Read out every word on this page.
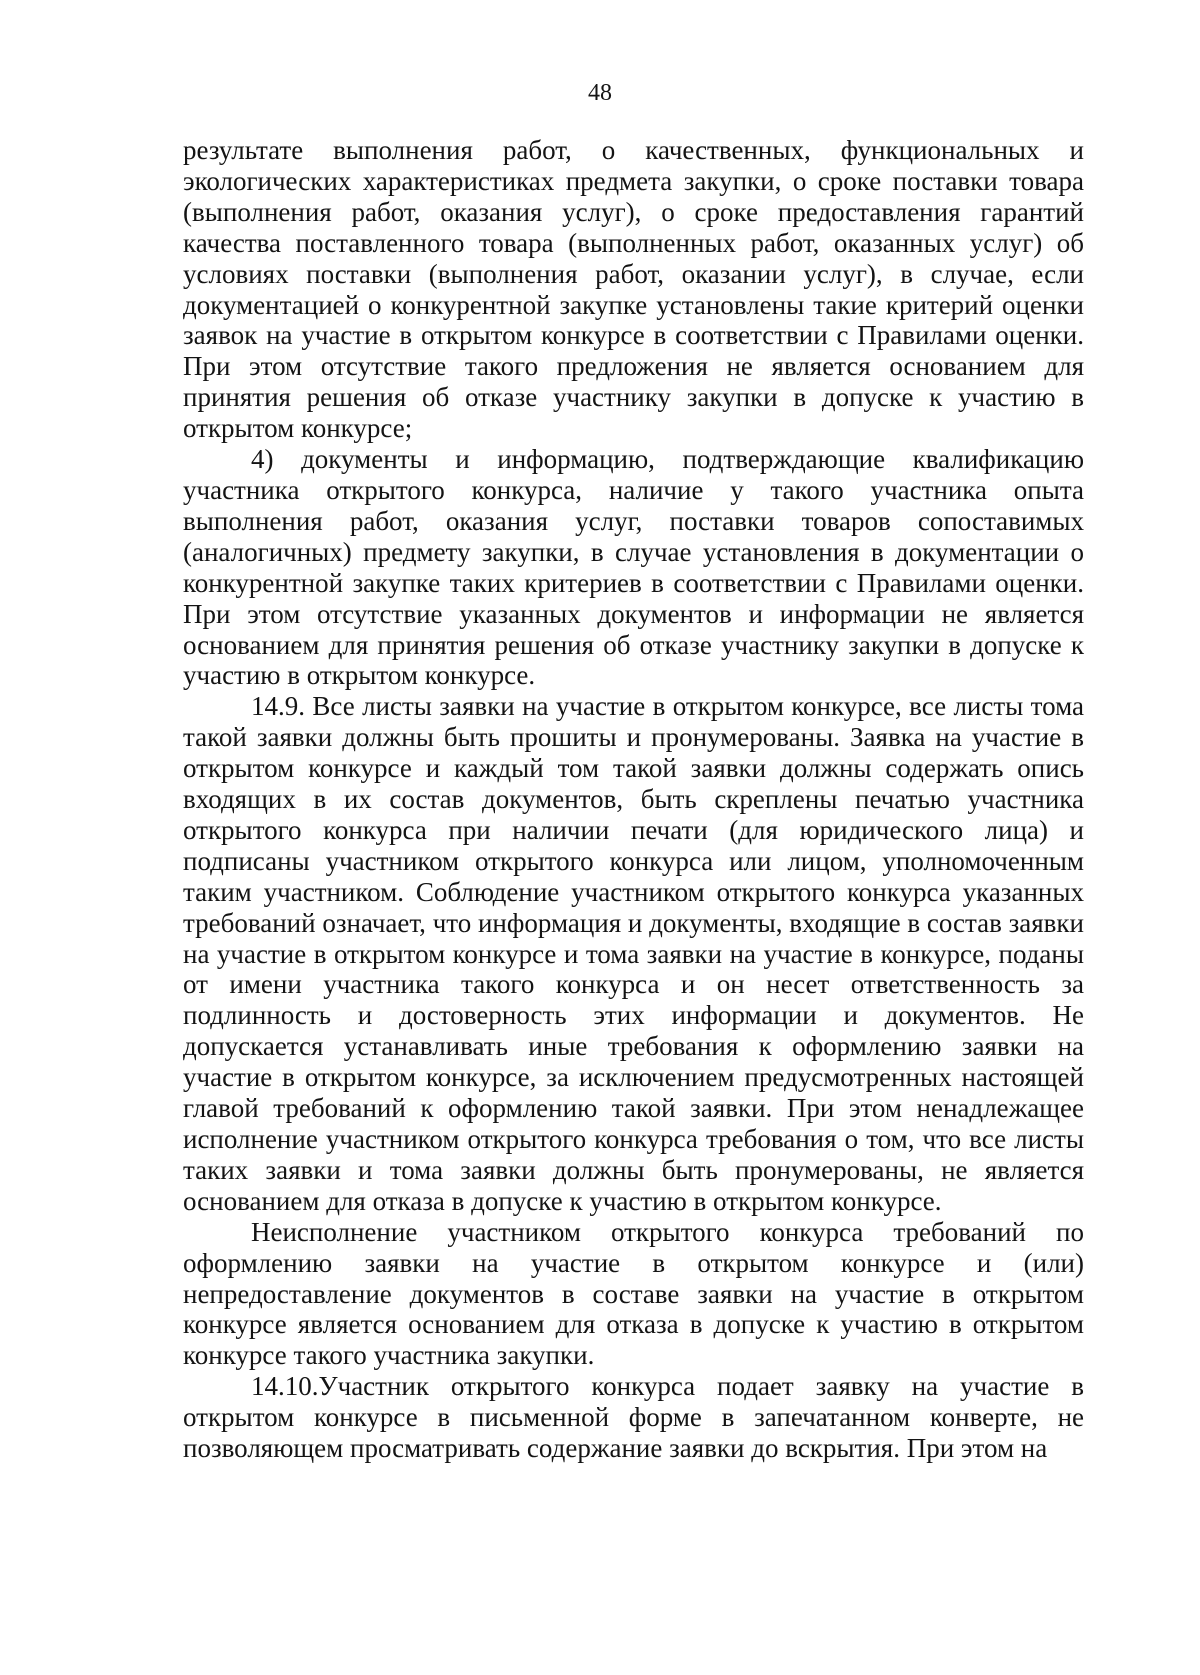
48

результате выполнения работ, о качественных, функциональных и экологических характеристиках предмета закупки, о сроке поставки товара (выполнения работ, оказания услуг), о сроке предоставления гарантий качества поставленного товара (выполненных работ, оказанных услуг) об условиях поставки (выполнения работ, оказании услуг), в случае, если документацией о конкурентной закупке установлены такие критерий оценки заявок на участие в открытом конкурсе в соответствии с Правилами оценки. При этом отсутствие такого предложения не является основанием для принятия решения об отказе участнику закупки в допуске к участию в открытом конкурсе;

4) документы и информацию, подтверждающие квалификацию участника открытого конкурса, наличие у такого участника опыта выполнения работ, оказания услуг, поставки товаров сопоставимых (аналогичных) предмету закупки, в случае установления в документации о конкурентной закупке таких критериев в соответствии с Правилами оценки. При этом отсутствие указанных документов и информации не является основанием для принятия решения об отказе участнику закупки в допуске к участию в открытом конкурсе.

14.9. Все листы заявки на участие в открытом конкурсе, все листы тома такой заявки должны быть прошиты и пронумерованы. Заявка на участие в открытом конкурсе и каждый том такой заявки должны содержать опись входящих в их состав документов, быть скреплены печатью участника открытого конкурса при наличии печати (для юридического лица) и подписаны участником открытого конкурса или лицом, уполномоченным таким участником. Соблюдение участником открытого конкурса указанных требований означает, что информация и документы, входящие в состав заявки на участие в открытом конкурсе и тома заявки на участие в конкурсе, поданы от имени участника такого конкурса и он несет ответственность за подлинность и достоверность этих информации и документов. Не допускается устанавливать иные требования к оформлению заявки на участие в открытом конкурсе, за исключением предусмотренных настоящей главой требований к оформлению такой заявки. При этом ненадлежащее исполнение участником открытого конкурса требования о том, что все листы таких заявки и тома заявки должны быть пронумерованы, не является основанием для отказа в допуске к участию в открытом конкурсе.

Неисполнение участником открытого конкурса требований по оформлению заявки на участие в открытом конкурсе и (или) непредоставление документов в составе заявки на участие в открытом конкурсе является основанием для отказа в допуске к участию в открытом конкурсе такого участника закупки.

14.10.Участник открытого конкурса подает заявку на участие в открытом конкурсе в письменной форме в запечатанном конверте, не позволяющем просматривать содержание заявки до вскрытия. При этом на
